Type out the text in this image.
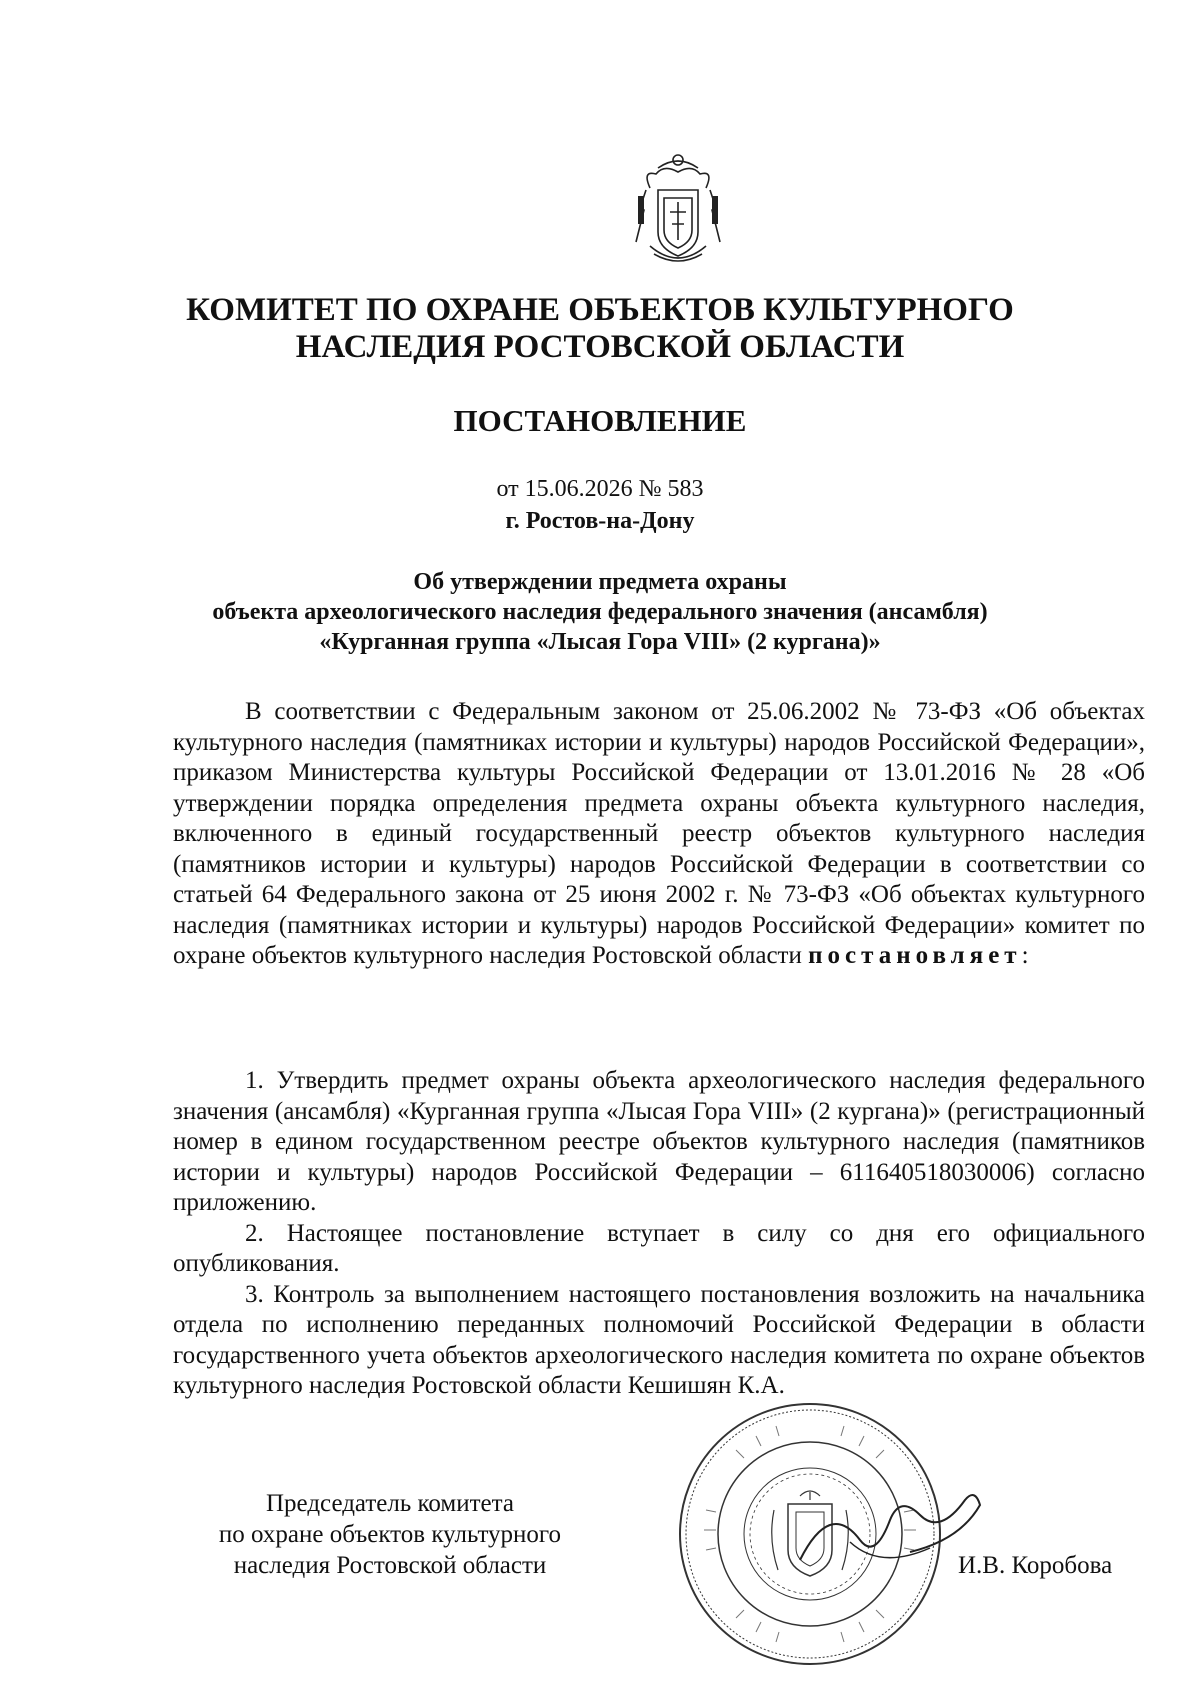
КОМИТЕТ ПО ОХРАНЕ ОБЪЕКТОВ КУЛЬТУРНОГО
НАСЛЕДИЯ РОСТОВСКОЙ ОБЛАСТИ
ПОСТАНОВЛЕНИЕ
от 15.06.2026 № 583
г. Ростов-на-Дону
Об утверждении предмета охраны
объекта археологического наследия федерального значения (ансамбля)
«Курганная группа «Лысая Гора VIII» (2 кургана)»

В соответствии с Федеральным законом от 25.06.2002 № 73-ФЗ «Об объектах культурного наследия (памятниках истории и культуры) народов Российской Федерации», приказом Министерства культуры Российской Федерации от 13.01.2016 № 28 «Об утверждении порядка определения предмета охраны объекта культурного наследия, включенного в единый государственный реестр объектов культурного наследия (памятников истории и культуры) народов Российской Федерации в соответствии со статьей 64 Федерального закона от 25 июня 2002 г. № 73-ФЗ «Об объектах культурного наследия (памятниках истории и культуры) народов Российской Федерации» комитет по охране объектов культурного наследия Ростовской области постановляет:

1. Утвердить предмет охраны объекта археологического наследия федерального значения (ансамбля) «Курганная группа «Лысая Гора VIII» (2 кургана)» (регистрационный номер в едином государственном реестре объектов культурного наследия (памятников истории и культуры) народов Российской Федерации – 611640518030006) согласно приложению.

2. Настоящее постановление вступает в силу со дня его официального опубликования.

3. Контроль за выполнением настоящего постановления возложить на начальника отдела по исполнению переданных полномочий Российской Федерации в области государственного учета объектов археологического наследия комитета по охране объектов культурного наследия Ростовской области Кешишян К.А.

Председатель комитета
по охране объектов культурного
наследия Ростовской области	И.В. Коробова
